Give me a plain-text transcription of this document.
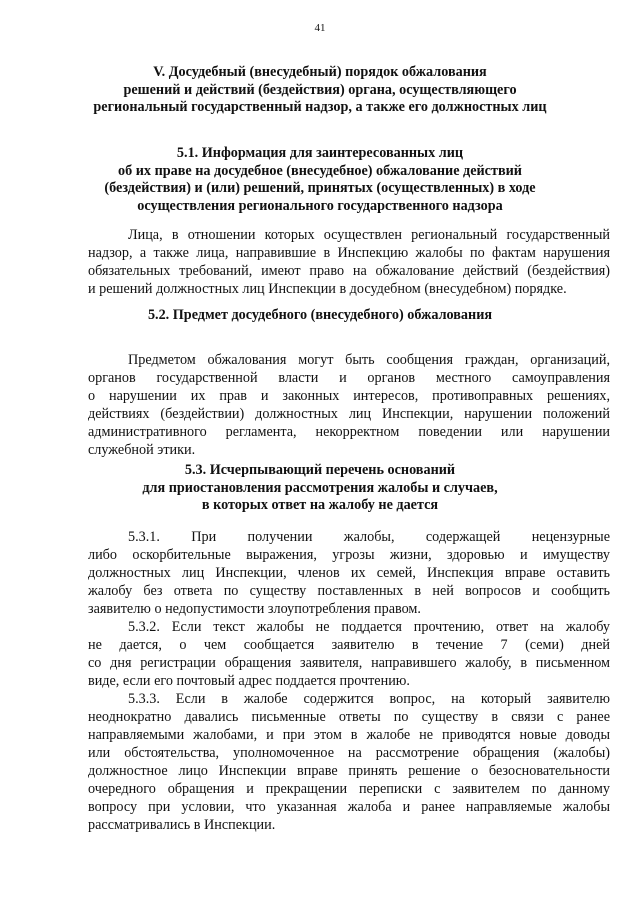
41
V. Досудебный (внесудебный) порядок обжалования
решений и действий (бездействия) органа, осуществляющего
региональный государственный надзор, а также его должностных лиц
5.1. Информация для заинтересованных лиц
об их праве на досудебное (внесудебное) обжалование действий
(бездействия) и (или) решений, принятых (осуществленных) в ходе
осуществления регионального государственного надзора
Лица, в отношении которых осуществлен региональный государственный
надзор, а также лица, направившие в Инспекцию жалобы по фактам нарушения
обязательных требований, имеют право на обжалование действий (бездействия)
и решений должностных лиц Инспекции в досудебном (внесудебном) порядке.
5.2. Предмет досудебного (внесудебного) обжалования
Предметом обжалования могут быть сообщения граждан, организаций,
органов государственной власти и органов местного самоуправления
о нарушении их прав и законных интересов, противоправных решениях,
действиях (бездействии) должностных лиц Инспекции, нарушении положений
административного регламента, некорректном поведении или нарушении
служебной этики.
5.3. Исчерпывающий перечень оснований
для приостановления рассмотрения жалобы и случаев,
в которых ответ на жалобу не дается
5.3.1. При получении жалобы, содержащей нецензурные
либо оскорбительные выражения, угрозы жизни, здоровью и имуществу
должностных лиц Инспекции, членов их семей, Инспекция вправе оставить
жалобу без ответа по существу поставленных в ней вопросов и сообщить
заявителю о недопустимости злоупотребления правом.
5.3.2. Если текст жалобы не поддается прочтению, ответ на жалобу
не дается, о чем сообщается заявителю в течение 7 (семи) дней
со дня регистрации обращения заявителя, направившего жалобу, в письменном
виде, если его почтовый адрес поддается прочтению.
5.3.3. Если в жалобе содержится вопрос, на который заявителю
неоднократно давались письменные ответы по существу в связи с ранее
направляемыми жалобами, и при этом в жалобе не приводятся новые доводы
или обстоятельства, уполномоченное на рассмотрение обращения (жалобы)
должностное лицо Инспекции вправе принять решение о безосновательности
очередного обращения и прекращении переписки с заявителем по данному
вопросу при условии, что указанная жалоба и ранее направляемые жалобы
рассматривались в Инспекции.
